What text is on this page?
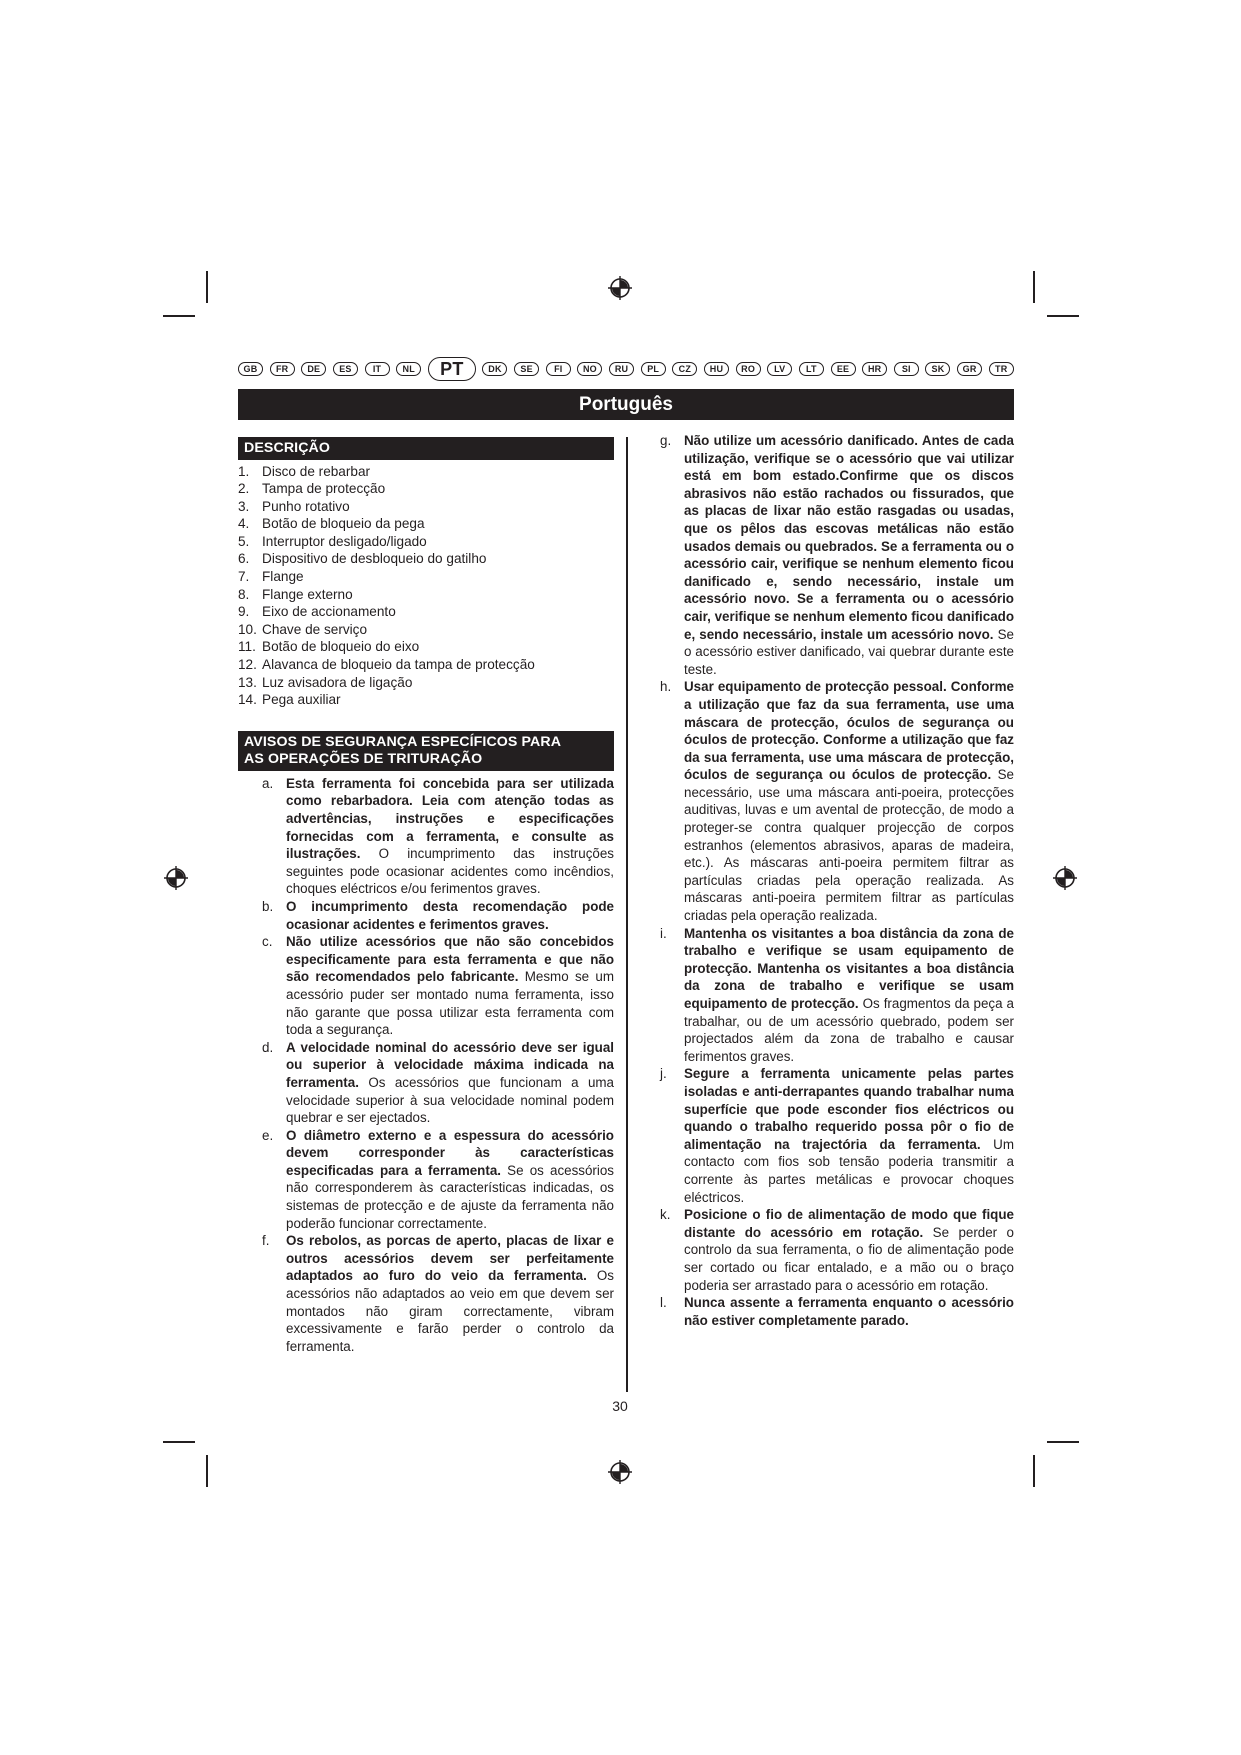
GB	FR	DE	ES	IT	NL	PT	DK	SE	FI	NO	RU	PL	CZ	HU	RO	LV	LT	EE	HR	SI	SK	GR	TR
Português
DESCRIÇÃO
1. Disco de rebarbar
2. Tampa de protecção
3. Punho rotativo
4. Botão de bloqueio da pega
5. Interruptor desligado/ligado
6. Dispositivo de desbloqueio do gatilho
7. Flange
8. Flange externo
9. Eixo de accionamento
10. Chave de serviço
11. Botão de bloqueio do eixo
12. Alavanca de bloqueio da tampa de protecção
13. Luz avisadora de ligação
14. Pega auxiliar
AVISOS DE SEGURANÇA ESPECÍFICOS PARA
AS OPERAÇÕES DE TRITURAÇÃO
a. Esta ferramenta foi concebida para ser utilizada como rebarbadora. Leia com atenção todas as advertências, instruções e especificações fornecidas com a ferramenta, e consulte as ilustrações. O incumprimento das instruções seguintes pode ocasionar acidentes como incêndios, choques eléctricos e/ou ferimentos graves.
b. O incumprimento desta recomendação pode ocasionar acidentes e ferimentos graves.
c.	Não utilize acessórios que não são concebidos especificamente para esta ferramenta e que não são recomendados pelo fabricante. Mesmo se um acessório puder ser montado numa ferramenta, isso não garante que possa utilizar esta ferramenta com toda a segurança.
d. A velocidade nominal do acessório deve ser igual ou superior à velocidade máxima indicada na ferramenta. Os acessórios que funcionam a uma velocidade superior à sua velocidade nominal podem quebrar e ser ejectados.
e. O diâmetro externo e a espessura do acessório devem corresponder às características especificadas para a ferramenta. Se os acessórios não corresponderem às características indicadas, os sistemas de protecção e de ajuste da ferramenta não poderão funcionar correctamente.
f.	Os rebolos, as porcas de aperto, placas de lixar e outros acessórios devem ser perfeitamente adaptados ao furo do veio da ferramenta. Os acessórios não adaptados ao veio em que devem ser montados não giram correctamente, vibram excessivamente e farão perder o controlo da ferramenta.
g. Não utilize um acessório danificado. Antes de cada utilização, verifique se o acessório que vai utilizar está em bom estado.Confirme que os discos abrasivos não estão rachados ou fissurados, que as placas de lixar não estão rasgadas ou usadas, que os pêlos das escovas metálicas não estão usados demais ou quebrados. Se a ferramenta ou o acessório cair, verifique se nenhum elemento ficou danificado e, sendo necessário, instale um acessório novo. Se a ferramenta ou o acessório cair, verifique se nenhum elemento ficou danificado e, sendo necessário, instale um acessório novo. Se o acessório estiver danificado, vai quebrar durante este teste.
h. Usar equipamento de protecção pessoal. Conforme a utilização que faz da sua ferramenta, use uma máscara de protecção, óculos de segurança ou óculos de protecção. Conforme a utilização que faz da sua ferramenta, use uma máscara de protecção, óculos de segurança ou óculos de protecção. Se necessário, use uma máscara anti-poeira, protecções auditivas, luvas e um avental de protecção, de modo a proteger-se contra qualquer projecção de corpos estranhos (elementos abrasivos, aparas de madeira, etc.). As máscaras anti-poeira permitem filtrar as partículas criadas pela operação realizada. As máscaras anti-poeira permitem filtrar as partículas criadas pela operação realizada.
i.	Mantenha os visitantes a boa distância da zona de trabalho e verifique se usam equipamento de protecção. Mantenha os visitantes a boa distância da zona de trabalho e verifique se usam equipamento de protecção. Os fragmentos da peça a trabalhar, ou de um acessório quebrado, podem ser projectados além da zona de trabalho e causar ferimentos graves.
j.	Segure a ferramenta unicamente pelas partes isoladas e anti-derrapantes quando trabalhar numa superfície que pode esconder fios eléctricos ou quando o trabalho requerido possa pôr o fio de alimentação na trajectória da ferramenta. Um contacto com fios sob tensão poderia transmitir a corrente às partes metálicas e provocar choques eléctricos.
k.	Posicione o fio de alimentação de modo que fique distante do acessório em rotação. Se perder o controlo da sua ferramenta, o fio de alimentação pode ser cortado ou ficar entalado, e a mão ou o braço poderia ser arrastado para o acessório em rotação.
l.	Nunca assente a ferramenta enquanto o acessório não estiver completamente parado.
30
